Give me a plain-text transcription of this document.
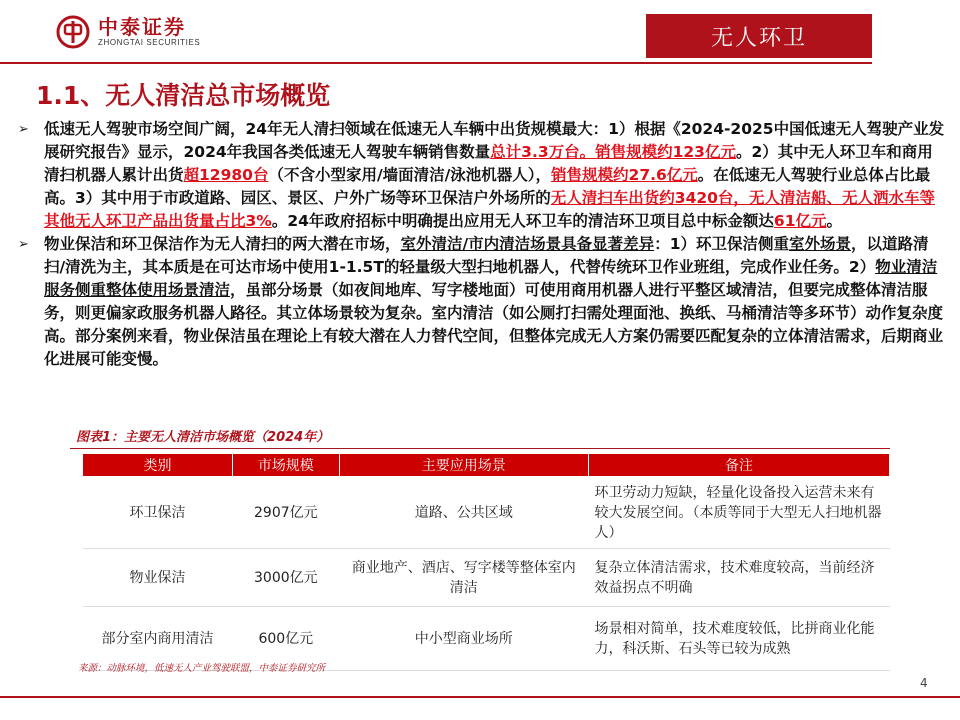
中泰证券
ZHONGTAI SECURITIES	无人环卫
1.1、无人清洁总市场概览
➢ 低速无人驾驶市场空间广阔，24年无人清扫领域在低速无人车辆中出货规模最大：1）根据《2024-2025中国低速无人驾驶产业发展研究报告》显示，2024年我国各类低速无人驾驶车辆销售数量总计3.3万台。销售规模约123亿元。2）其中无人环卫车和商用清扫机器人累计出货超12980台（不含小型家用/墙面清洁/泳池机器人），销售规模约27.6亿元。在低速无人驾驶行业总体占比最高。3）其中用于市政道路、园区、景区、户外广场等环卫保洁户外场所的无人清扫车出货约3420台，无人清洁船、无人洒水车等其他无人环卫产品出货量占比3%。24年政府招标中明确提出应用无人环卫车的清洁环卫项目总中标金额达61亿元。
➢ 物业保洁和环卫保洁作为无人清扫的两大潜在市场，室外清洁/市内清洁场景具备显著差异：1）环卫保洁侧重室外场景，以道路清扫/清洗为主，其本质是在可达市场中使用1-1.5T的轻量级大型扫地机器人，代替传统环卫作业班组，完成作业任务。2）物业清洁服务侧重整体使用场景清洁，虽部分场景（如夜间地库、写字楼地面）可使用商用机器人进行平整区域清洁，但要完成整体清洁服务，则更偏家政服务机器人路径。其立体场景较为复杂。室内清洁（如公厕打扫需处理面池、换纸、马桶清洁等多环节）动作复杂度高。部分案例来看，物业保洁虽在理论上有较大潜在人力替代空间，但整体完成无人方案仍需要匹配复杂的立体清洁需求，后期商业化进展可能变慢。
图表1：主要无人清洁市场概览（2024年）
类别	市场规模	主要应用场景	备注
环卫保洁	2907亿元	道路、公共区域	环卫劳动力短缺，轻量化设备投入运营未来有较大发展空间。（本质等同于大型无人扫地机器人）
物业保洁	3000亿元	商业地产、酒店、写字楼等整体室内清洁	复杂立体清洁需求，技术难度较高，当前经济效益拐点不明确
部分室内商用清洁	600亿元	中小型商业场所	场景相对简单，技术难度较低，比拼商业化能力，科沃斯、石头等已较为成熟
来源：动脉环境，低速无人产业驾驶联盟，中泰证券研究所
4
